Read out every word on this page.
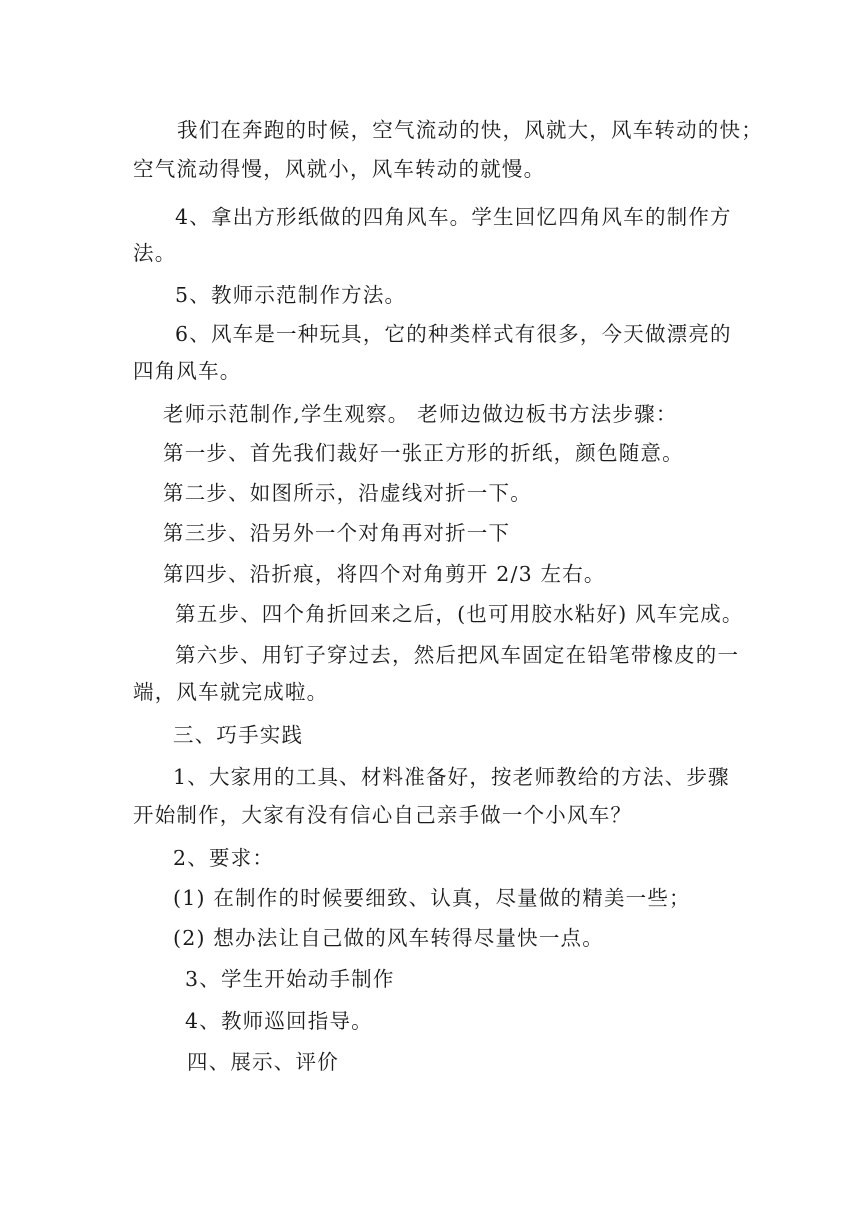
我们在奔跑的时候，空气流动的快，风就大，风车转动的快；
空气流动得慢，风就小，风车转动的就慢。
4、拿出方形纸做的四角风车。学生回忆四角风车的制作方
法。
5、教师示范制作方法。
6、风车是一种玩具，它的种类样式有很多，今天做漂亮的
四角风车。
老师示范制作,学生观察。 老师边做边板书方法步骤：
第一步、首先我们裁好一张正方形的折纸，颜色随意。
第二步、如图所示，沿虚线对折一下。
第三步、沿另外一个对角再对折一下
第四步、沿折痕，将四个对角剪开 2/3 左右。
第五步、四个角折回来之后，(也可用胶水粘好) 风车完成。
第六步、用钉子穿过去，然后把风车固定在铅笔带橡皮的一
端，风车就完成啦。
三、巧手实践
1、大家用的工具、材料准备好，按老师教给的方法、步骤
开始制作，大家有没有信心自己亲手做一个小风车？
2、要求：
(1) 在制作的时候要细致、认真，尽量做的精美一些；
(2) 想办法让自己做的风车转得尽量快一点。
3、学生开始动手制作
4、教师巡回指导。
四、展示、评价
